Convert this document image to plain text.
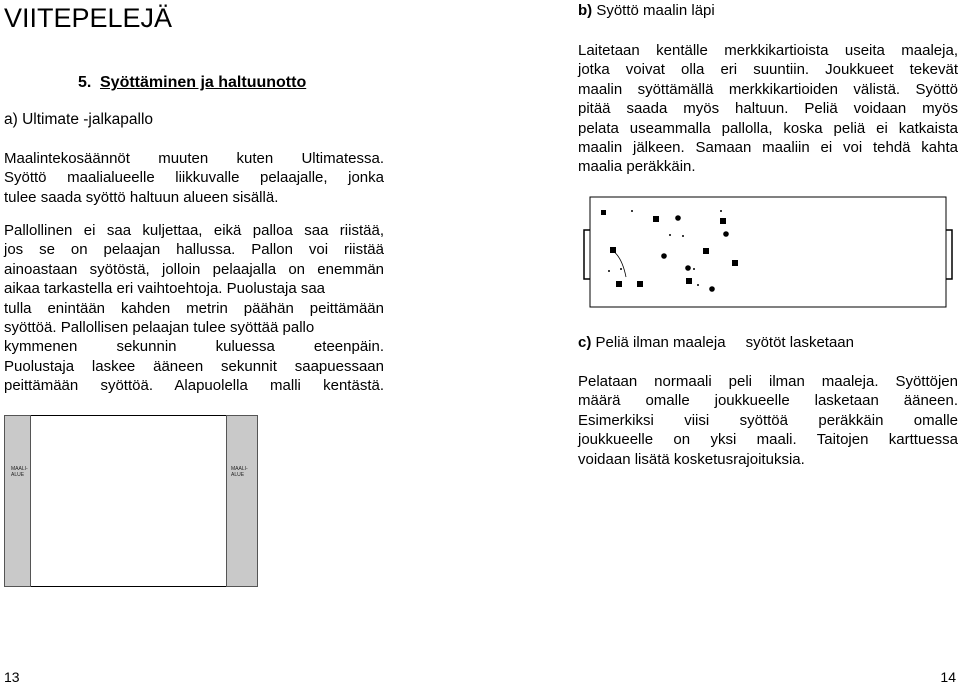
VIITEPELEJÄ
5. Syöttäminen ja haltuunotto
a) Ultimate -jalkapallo
Maalintekosäännöt muuten kuten Ultimatessa.
Syöttö maalialueelle liikkuvalle pelaajalle, jonka
tulee saada syöttö haltuun alueen sisällä.
Pallollinen ei saa kuljettaa, eikä palloa saa riistää,
jos se on pelaajan hallussa. Pallon voi riistää
ainoastaan syötöstä, jolloin pelaajalla on enemmän
aikaa tarkastella eri vaihtoehtoja. Puolustaja saa
tulla enintään kahden metrin päähän peittämään
syöttöä. Pallollisen pelaajan tulee syöttää pallo
kymmenen sekunnin kuluessa eteenpäin.
Puolustaja laskee ääneen sekunnit saapuessaan
peittämään syöttöä. Alapuolella malli kentästä.
MAALI-
ALUE
MAALI-
ALUE
b) Syöttö maalin läpi
Laitetaan kentälle merkkikartioista useita maaleja,
jotka voivat olla eri suuntiin. Joukkueet tekevät
maalin syöttämällä merkkikartioiden välistä. Syöttö
pitää saada myös haltuun. Peliä voidaan myös
pelata useammalla pallolla, koska peliä ei katkaista
maalin jälkeen. Samaan maaliin ei voi tehdä kahta
maalia peräkkäin.
c) Peliä ilman maaleja syötöt lasketaan
Pelataan normaali peli ilman maaleja. Syöttöjen
määrä omalle joukkueelle lasketaan ääneen.
Esimerkiksi viisi syöttöä peräkkäin omalle
joukkueelle on yksi maali. Taitojen karttuessa
voidaan lisätä kosketusrajoituksia.
13	14
